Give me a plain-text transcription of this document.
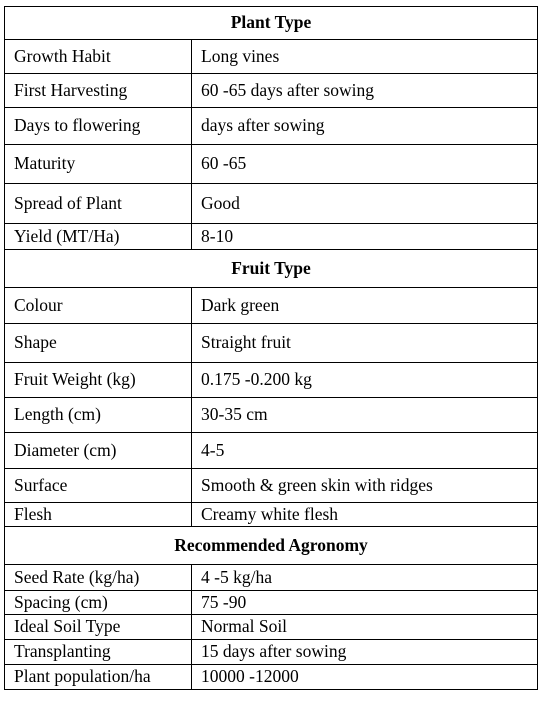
Plant Type	
Growth Habit	Long vines
First Harvesting	60 -65 days after sowing
Days to flowering	days after sowing
Maturity	60 -65
Spread of Plant	Good
Yield (MT/Ha)	8-10
Fruit Type	
Colour	Dark green
Shape	Straight fruit
Fruit Weight (kg)	0.175 -0.200 kg
Length (cm)	30-35 cm
Diameter (cm)	4-5
Surface	Smooth & green skin with ridges
Flesh	Creamy white flesh
Recommended Agronomy	
Seed Rate (kg/ha)	4 -5 kg/ha
Spacing (cm)	75 -90
Ideal Soil Type	Normal Soil
Transplanting	15 days after sowing
Plant population/ha	10000 -12000
